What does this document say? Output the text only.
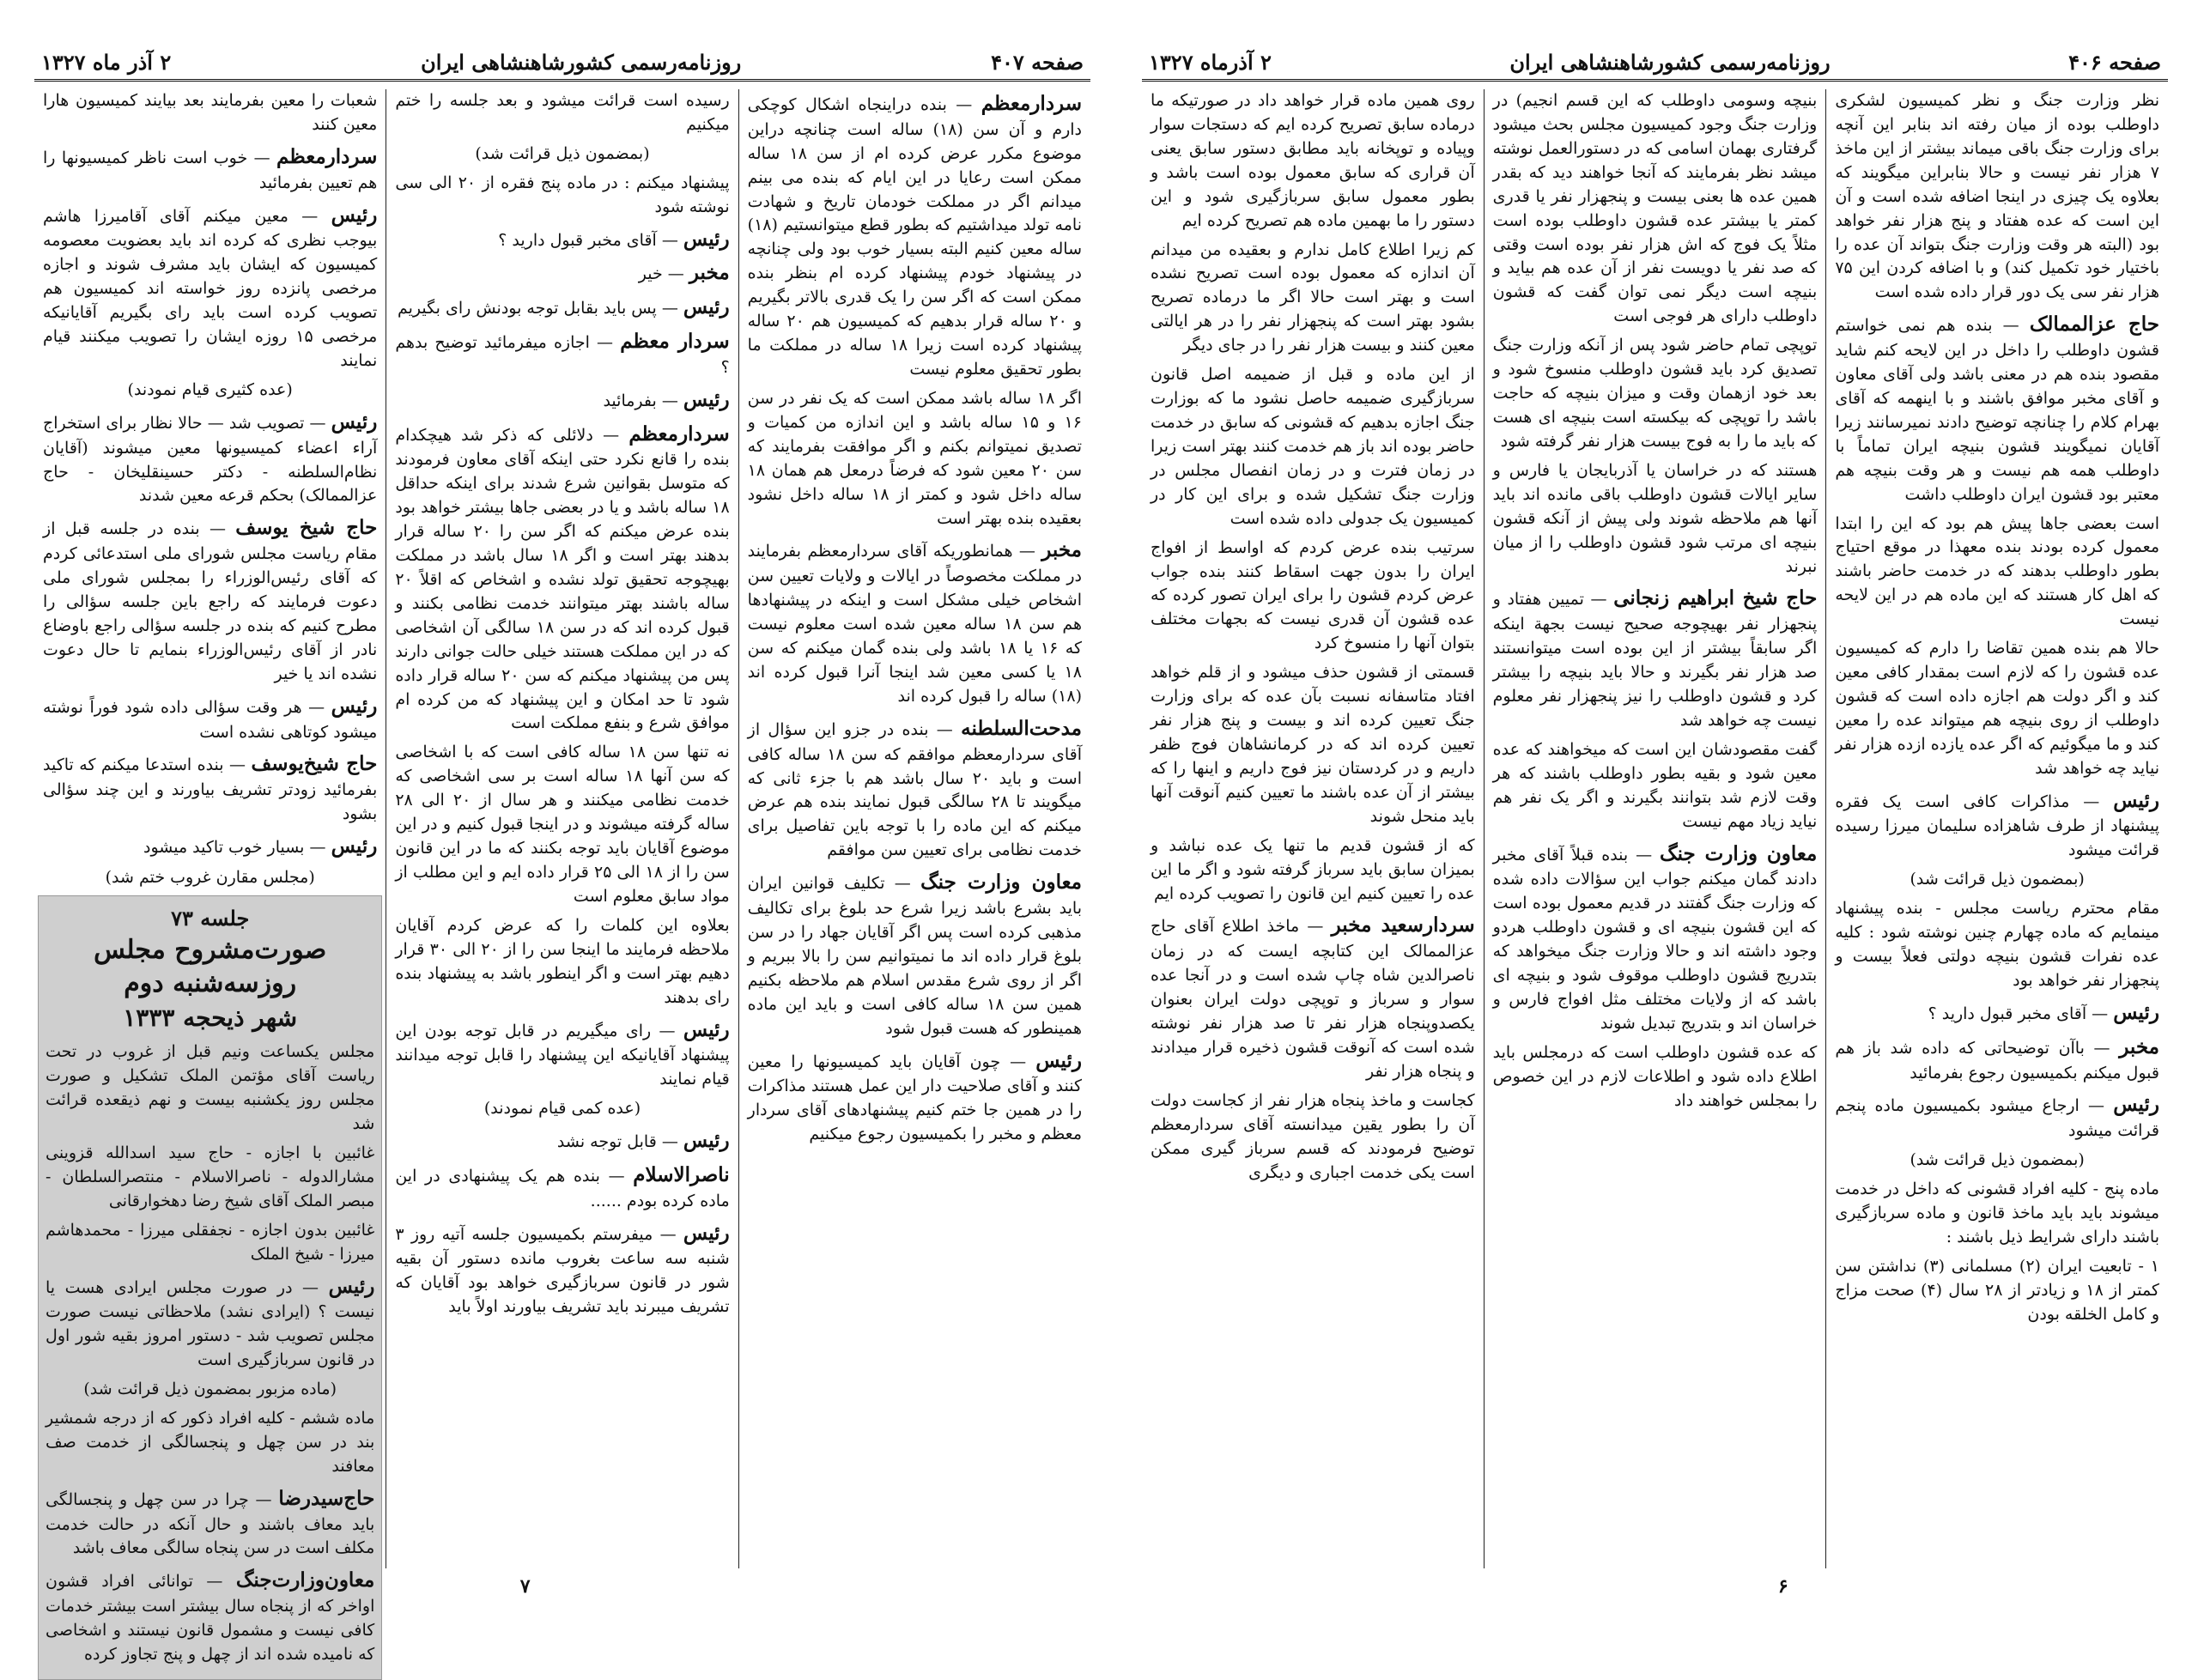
صفحه ۴۰۷
روزنامه‌رسمی کشورشاهنشاهی ایران
۲ آذر ماه ۱۳۲۷

سردارمعظم — بنده دراینجاه اشکال کوچکی دارم و آن سن (۱۸) ساله است چنانچه دراین موضوع مکرر عرض کرده ام از سن ۱۸ ساله ممکن است رعایا در این ایام که بنده می بینم میدانم اگر در مملکت خودمان تاریخ و شهادت نامه تولد میداشتیم که بطور قطع میتوانستیم (۱۸) ساله معین کنیم البته بسیار خوب بود ولی چنانچه در پیشنهاد خودم پیشنهاد کرده ام بنظر بنده ممکن است که اگر سن را یک قدری بالاتر بگیریم و ۲۰ ساله قرار بدهیم که کمیسیون هم ۲۰ ساله پیشنهاد کرده است زیرا ۱۸ ساله در مملکت ما بطور تحقیق معلوم نیست

اگر ۱۸ ساله باشد ممکن است که یک نفر در سن ۱۶ و ۱۵ ساله باشد و این اندازه من کمیات و تصدیق نمیتوانم بکنم و اگر موافقت بفرمایند که سن ۲۰ معین شود که فرضاً درمعل هم همان ۱۸ ساله داخل شود و کمتر از ۱۸ ساله داخل نشود بعقیده بنده بهتر است

مخبر — همانطوریکه آقای سردارمعظم بفرمایند در مملکت مخصوصاً در ایالات و ولایات تعیین سن اشخاص خیلی مشکل است و اینکه در پیشنهادها هم سن ۱۸ ساله معین شده است معلوم نیست که ۱۶ یا ۱۸ باشد ولی بنده گمان میکنم که سن ۱۸ یا کسی معین شد اینجا آنرا قبول کرده اند (۱۸) ساله را قبول کرده اند

مدحت‌السلطنه — بنده در جزو این سؤال از آقای سردارمعظم موافقم که سن ۱۸ ساله کافی است و باید ۲۰ سال باشد هم با جزء ثانی که میگویند تا ۲۸ سالگی قبول نمایند بنده هم عرض میکنم که این ماده را با توجه باین تفاصیل برای خدمت نظامی برای تعیین سن موافقم

معاون وزارت جنگ — تکلیف قوانین ایران باید بشرع باشد زیرا شرع حد بلوغ برای تکالیف مذهبی کرده است پس اگر آقایان جهاد را در سن بلوغ قرار داده اند ما نمیتوانیم سن را بالا ببریم و اگر از روی شرع مقدس اسلام هم ملاحظه بکنیم همین سن ۱۸ ساله کافی است و باید این ماده همینطور که هست قبول شود

رئیس — چون آقایان باید کمیسیونها را معین کنند و آقای صلاحیت دار این عمل هستند مذاکرات را در همین جا ختم کنیم پیشنهادهای آقای سردار معظم و مخبر را بکمیسیون رجوع میکنیم

رسیده است قرائت میشود و بعد جلسه را ختم میکنیم

(بمضمون ذیل قرائت شد)

پیشنهاد میکنم : در ماده پنج فقره از ۲۰ الی سی نوشته شود

رئیس — آقای مخبر قبول دارید ؟

مخبر — خیر

رئیس — پس باید بقابل توجه بودنش رای بگیریم

سردار معظم — اجازه میفرمائید توضیح بدهم ؟

رئیس — بفرمائید

سردارمعظم — دلائلی که ذکر شد هیچکدام بنده را قانع نکرد حتی اینکه آقای معاون فرمودند که متوسل بقوانین شرع شدند برای اینکه حداقل ۱۸ ساله باشد و یا در بعضی جاها بیشتر خواهد بود بنده عرض میکنم که اگر سن را ۲۰ ساله قرار بدهند بهتر است و اگر ۱۸ سال باشد در مملکت بهیچوجه تحقیق تولد نشده و اشخاص که اقلاً ۲۰ ساله باشند بهتر میتوانند خدمت نظامی بکنند و قبول کرده اند که در سن ۱۸ سالگی آن اشخاصی که در این مملکت هستند خیلی حالت جوانی دارند پس من پیشنهاد میکنم که سن ۲۰ ساله قرار داده شود تا حد امکان و این پیشنهاد که من کرده ام موافق شرع و بنفع مملکت است

نه تنها سن ۱۸ ساله کافی است که با اشخاصی که سن آنها ۱۸ ساله است بر سی اشخاصی که خدمت نظامی میکنند و هر سال از ۲۰ الی ۲۸ ساله گرفته میشوند و در اینجا قبول کنیم و در این موضوع آقایان باید توجه بکنند که ما در این قانون سن را از ۱۸ الی ۲۵ قرار داده ایم و این مطلب از مواد سابق معلوم است

بعلاوه این کلمات را که عرض کردم آقایان ملاحظه فرمایند ما اینجا سن را از ۲۰ الی ۳۰ قرار دهیم بهتر است و اگر اینطور باشد به پیشنهاد بنده رای بدهند

رئیس — رای میگیریم در قابل توجه بودن این پیشنهاد آقایانیکه این پیشنهاد را قابل توجه میدانند قیام نمایند

(عده کمی قیام نمودند)

رئیس — قابل توجه نشد

ناصرالاسلام — بنده هم یک پیشنهادی در این ماده کرده بودم ......

رئیس — میفرستم بکمیسیون جلسه آتیه روز ۳ شنبه سه ساعت بغروب مانده دستور آن بقیه شور در قانون سربازگیری خواهد بود آقایان که تشریف میبرند باید تشریف بیاورند اولاً باید

شعبات را معین بفرمایند بعد بیایند کمیسیون هارا معین کنند

سردارمعظم — خوب است ناظر کمیسیونها را هم تعیین بفرمائید

رئیس — معین میکنم آقای آقامیرزا هاشم بیوجب نظری که کرده اند باید بعضویت معصومه کمیسیون که ایشان باید مشرف شوند و اجازه مرخصی پانزده روز خواسته اند کمیسیون هم تصویب کرده است باید رای بگیریم آقایانیکه مرخصی ۱۵ روزه ایشان را تصویب میکنند قیام نمایند

(عده کثیری قیام نمودند)

رئیس — تصویب شد — حالا نظار برای استخراج آراء اعضاء کمیسیونها معین میشوند (آقایان نظام‌السلطنه - دکتر حسینقلیخان - حاج عزالممالک) بحکم قرعه معین شدند

حاج شیخ یوسف — بنده در جلسه قبل از مقام ریاست مجلس شورای ملی استدعائی کردم که آقای رئیس‌الوزراء را بمجلس شورای ملی دعوت فرمایند که راجع باین جلسه سؤالی را مطرح کنیم که بنده در جلسه سؤالی راجع باوضاع نادر از آقای رئیس‌الوزراء بنمایم تا حال دعوت نشده اند یا خیر

رئیس — هر وقت سؤالی داده شود فوراً نوشته میشود کوتاهی نشده است

حاج شیخ‌یوسف — بنده استدعا میکنم که تاکید بفرمائید زودتر تشریف بیاورند و این چند سؤالی بشود

رئیس — بسیار خوب تاکید میشود

(مجلس مقارن غروب ختم شد)

جلسه ۷۳
صورت‌مشروح مجلس روزسه‌شنبه دوم
شهر ذیحجه ۱۳۳۳

مجلس یکساعت ونیم قبل از غروب در تحت ریاست آقای مؤتمن الملک تشکیل و صورت مجلس روز یکشنبه بیست و نهم ذیقعده قرائت شد

غائبین با اجازه - حاج سید اسدالله قزوینی مشارالدوله - ناصرالاسلام - منتصرالسلطان - مبصر الملک آقای شیخ رضا دهخوارقانی

غائبین بدون اجازه - نجفقلی میرزا - محمدهاشم میرزا - شیخ الملک

رئیس — در صورت مجلس ایرادی هست یا نیست ؟ (ایرادی نشد) ملاحظاتی نیست صورت مجلس تصویب شد - دستور امروز بقیه شور اول در قانون سربازگیری است

(ماده مزبور بمضمون ذیل قرائت شد)

ماده ششم - کلیه افراد ذکور که از درجه شمشیر بند در سن چهل و پنجسالگی از خدمت صف معافند

حاج‌سیدرضا — چرا در سن چهل و پنجسالگی باید معاف باشند و حال آنکه در حالت خدمت مکلف است در سن پنجاه سالگی معاف باشد

معاون‌وزارت‌جنگ — توانائی افراد قشون اواخر که از پنجاه سال بیشتر است بیشتر خدمات کافی نیست و مشمول قانون نیستند و اشخاصی که نامیده شده اند از چهل و پنج تجاوز کرده

۷
صفحه ۴۰۶
روزنامه‌رسمی کشورشاهنشاهی ایران
۲ آذرماه ۱۳۲۷

نظر وزارت جنگ و نظر کمیسیون لشکری داوطلب بوده از میان رفته اند بنابر این آنچه برای وزارت جنگ باقی میماند بیشتر از این ماخذ ۷ هزار نفر نیست و حالا بنابراین میگویند که بعلاوه یک چیزی در اینجا اضافه شده است و آن این است که عده هفتاد و پنج هزار نفر خواهد بود (البته هر وقت وزارت جنگ بتواند آن عده را باختیار خود تکمیل کند) و با اضافه کردن این ۷۵ هزار نفر سی یک دور قرار داده شده است

حاج عزالممالک — بنده هم نمی خواستم قشون داوطلب را داخل در این لایحه کنم شاید مقصود بنده هم در معنی باشد ولی آقای معاون و آقای مخبر موافق باشند و با اینهمه که آقای بهرام کلام را چنانچه توضیح دادند نمیرسانند زیرا آقایان نمیگویند قشون بنیچه ایران تماماً با داوطلب همه هم نیست و هر وقت بنیچه هم معتبر بود قشون ایران داوطلب داشت

است بعضی جاها پیش هم بود که این را ابتدا معمول کرده بودند بنده معهذا در موقع احتیاج بطور داوطلب بدهند که در خدمت حاضر باشند که اهل کار هستند که این ماده هم در این لایحه نیست

حالا هم بنده همین تقاضا را دارم که کمیسیون عده قشون را که لازم است بمقدار کافی معین کند و اگر دولت هم اجازه داده است که قشون داوطلب از روی بنیچه هم میتواند عده را معین کند و ما میگوئیم که اگر عده یازده ازده هزار نفر نیاید چه خواهد شد

رئیس — مذاکرات کافی است یک فقره پیشنهاد از طرف شاهزاده سلیمان میرزا رسیده قرائت میشود

(بمضمون ذیل قرائت شد)

مقام محترم ریاست مجلس - بنده پیشنهاد مینمایم که ماده چهارم چنین نوشته شود : کلیه عده نفرات قشون بنیچه دولتی فعلاً بیست و پنجهزار نفر خواهد بود

رئیس — آقای مخبر قبول دارید ؟

مخبر — باآن توضیحاتی که داده شد باز هم قبول میکنم بکمیسیون رجوع بفرمائید

رئیس — ارجاع میشود بکمیسیون ماده پنجم قرائت میشود

(بمضمون ذیل قرائت شد)

ماده پنج - کلیه افراد قشونی که داخل در خدمت میشوند باید باید ماخذ قانون و ماده سربازگیری باشند دارای شرایط ذیل باشند :

۱ - تابعیت ایران (۲) مسلمانی (۳) نداشتن سن کمتر از ۱۸ و زیادتر از ۲۸ سال (۴) صحت مزاج و کامل الخلقه بودن

بنیچه وسومی داوطلب که این قسم انجیم) در وزارت جنگ وجود کمیسیون مجلس بحث میشود گرفتاری بهمان اسامی که در دستورالعمل نوشته میشد نظر بفرمایند که آنجا خواهند دید که بقدر همین عده ها بعنی بیست و پنجهزار نفر یا قدری کمتر یا بیشتر عده قشون داوطلب بوده است مثلاً یک فوج که اش هزار نفر بوده است وقتی که صد نفر یا دویست نفر از آن عده هم بیاید و بنیچه است دیگر نمی توان گفت که قشون داوطلب دارای هر فوجی است

توپچی تمام حاضر شود پس از آنکه وزارت جنگ تصدیق کرد باید قشون داوطلب منسوخ شود و بعد خود ازهمان وقت و میزان بنیچه که حاجت باشد را توپچی که بیکسته است بنیچه ای هست که باید ما را به فوج بیست هزار نفر گرفته شود

هستند که در خراسان یا آذربایجان یا فارس و سایر ایالات قشون داوطلب باقی مانده اند باید آنها هم ملاحظه شوند ولی پیش از آنکه قشون بنیچه ای مرتب شود قشون داوطلب را از میان نبرند

حاج شیخ ابراهیم زنجانی — تمیین هفتاد و پنجهزار نفر بهیچوجه صحیح نیست بجهة اینکه اگر سابقاً بیشتر از این بوده است میتوانستند صد هزار نفر بگیرند و حالا باید بنیچه را بیشتر کرد و قشون داوطلب را نیز پنجهزار نفر معلوم نیست چه خواهد شد

گفت مقصودشان این است که میخواهند که عده معین شود و بقیه بطور داوطلب باشند که هر وقت لازم شد بتوانند بگیرند و اگر یک نفر هم نیاید زیاد مهم نیست

معاون وزارت جنگ — بنده قبلاً آقای مخبر دادند گمان میکنم جواب این سؤالات داده شده که وزارت جنگ گفتند در قدیم معمول بوده است که این قشون بنیچه ای و قشون داوطلب هردو وجود داشته اند و حالا وزارت جنگ میخواهد که بتدریج قشون داوطلب موقوف شود و بنیچه ای باشد که از ولایات مختلف مثل افواج فارس و خراسان اند و بتدریج تبدیل شوند

که عده قشون داوطلب است که درمجلس باید اطلاع داده شود و اطلاعات لازم در این خصوص را بمجلس خواهند داد

روی همین ماده قرار خواهد داد در صورتیکه ما درماده سابق تصریح کرده ایم که دستجات سوار وپیاده و توپخانه باید مطابق دستور سابق یعنی آن قراری که سابق معمول بوده است باشد و بطور معمول سابق سربازگیری شود و این دستور را ما بهمین ماده هم تصریح کرده ایم

کم زیرا اطلاع کامل ندارم و بعقیده من میدانم آن اندازه که معمول بوده است تصریح نشده است و بهتر است حالا اگر ما درماده تصریح بشود بهتر است که پنجهزار نفر را در هر ایالتی معین کنند و بیست هزار نفر را در جای دیگر

از این ماده و قبل از ضمیمه اصل قانون سربازگیری ضمیمه حاصل نشود ما که بوزارت جنگ اجازه بدهیم که قشونی که سابق در خدمت حاضر بوده اند باز هم خدمت کنند بهتر است زیرا در زمان فترت و در زمان انفصال مجلس در وزارت جنگ تشکیل شده و برای این کار در کمیسیون یک جدولی داده شده است

سرتیب بنده عرض کردم که اواسط از افواج ایران را بدون جهت اسقاط کنند بنده جواب عرض کردم قشون را برای ایران تصور کرده که عده قشون آن قدری نیست که بجهات مختلف بتوان آنها را منسوخ کرد

قسمتی از قشون حذف میشود و از قلم خواهد افتاد متاسفانه نسبت بآن عده که برای وزارت جنگ تعیین کرده اند و بیست و پنج هزار نفر تعیین کرده اند که در کرمانشاهان فوج ظفر داریم و در کردستان نیز فوج داریم و اینها را که بیشتر از آن عده باشند ما تعیین کنیم آنوقت آنها باید منحل شوند

که از قشون قدیم ما تنها یک عده نباشد و بمیزان سابق باید سرباز گرفته شود و اگر ما این عده را تعیین کنیم این قانون را تصویب کرده ایم

سردارسعید مخبر — ماخذ اطلاع آقای حاج عزالممالک این کتابچه ایست که در زمان ناصرالدین شاه چاپ شده است و در آنجا عده سوار و سرباز و توپچی دولت ایران بعنوان یکصدوپنجاه هزار نفر تا صد هزار نفر نوشته شده است که آنوقت قشون ذخیره قرار میدادند و پنجاه هزار نفر

کجاست و ماخذ پنجاه هزار نفر از کجاست دولت آن را بطور یقین میدانسته آقای سردارمعظم توضیح فرمودند که قسم سرباز گیری ممکن است یکی خدمت اجباری و دیگری

۶
